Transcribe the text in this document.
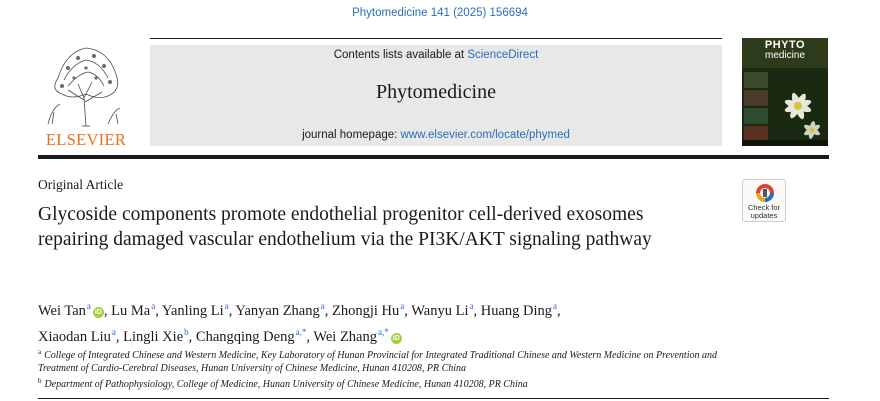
Phytomedicine 141 (2025) 156694
ELSEVIER
Contents lists available at ScienceDirect
Phytomedicine
journal homepage: www.elsevier.com/locate/phymed
PHYTO
medicine
Original Article
Glycoside components promote endothelial progenitor cell-derived exosomes repairing damaged vascular endothelium via the PI3K/AKT signaling pathway
Check for
updates
Wei Tan$^a$iD , Lu Ma$^a$, Yanling Li$^a$, Yanyan Zhang$^a$, Zhongji Hu$^a$, Wanyu Li$^a$, Huang Ding$^a$,
Xiaodan Liu$^a$, Lingli Xie$^b$, Changqing Deng$^{a,*}$, Wei Zhang$^{a,*}$iD
$^a$ College of Integrated Chinese and Western Medicine, Key Laboratory of Hunan Provincial for Integrated Traditional Chinese and Western Medicine on Prevention and Treatment of Cardio-Cerebral Diseases, Hunan University of Chinese Medicine, Hunan 410208, PR China
$^b$ Department of Pathophysiology, College of Medicine, Hunan University of Chinese Medicine, Hunan 410208, PR China
